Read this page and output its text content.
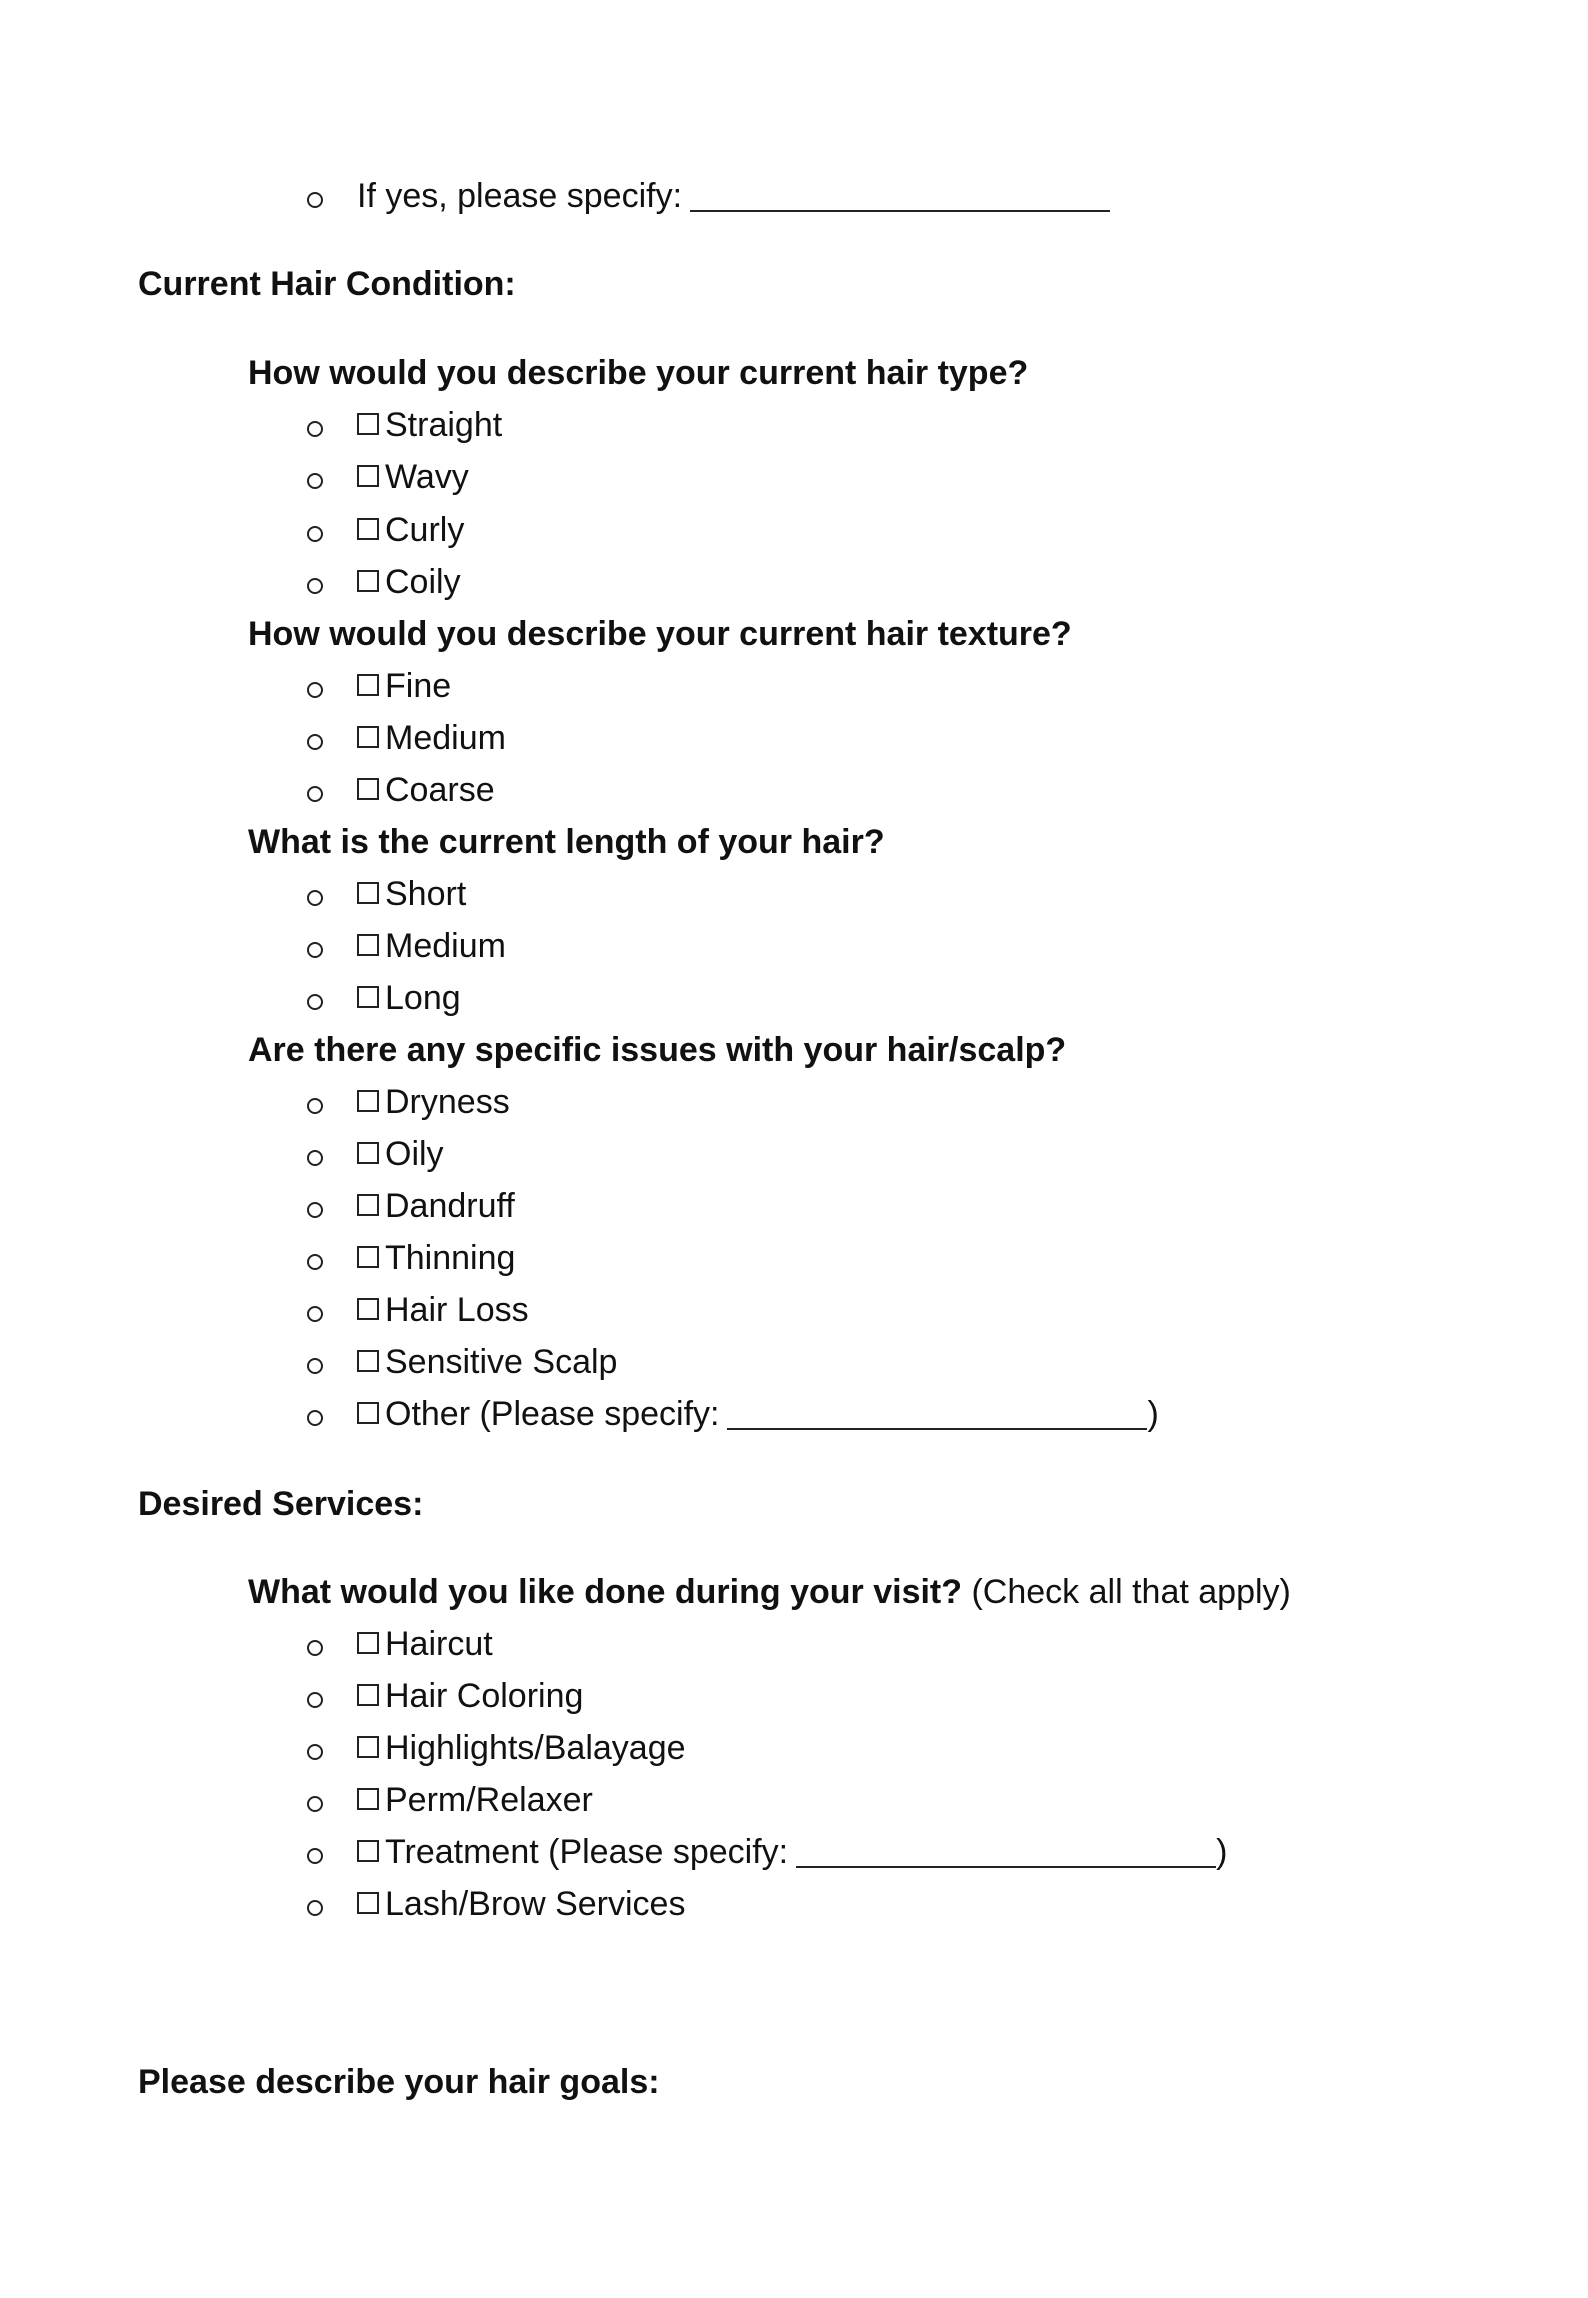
If yes, please specify:
Current Hair Condition:
How would you describe your current hair type?
Straight
Wavy
Curly
Coily
How would you describe your current hair texture?
Fine
Medium
Coarse
What is the current length of your hair?
Short
Medium
Long
Are there any specific issues with your hair/scalp?
Dryness
Oily
Dandruff
Thinning
Hair Loss
Sensitive Scalp
Other (Please specify:	)
Desired Services:
What would you like done during your visit? (Check all that apply)
Haircut
Hair Coloring
Highlights/Balayage
Perm/Relaxer
Treatment (Please specify:	)
Lash/Brow Services
Please describe your hair goals:
